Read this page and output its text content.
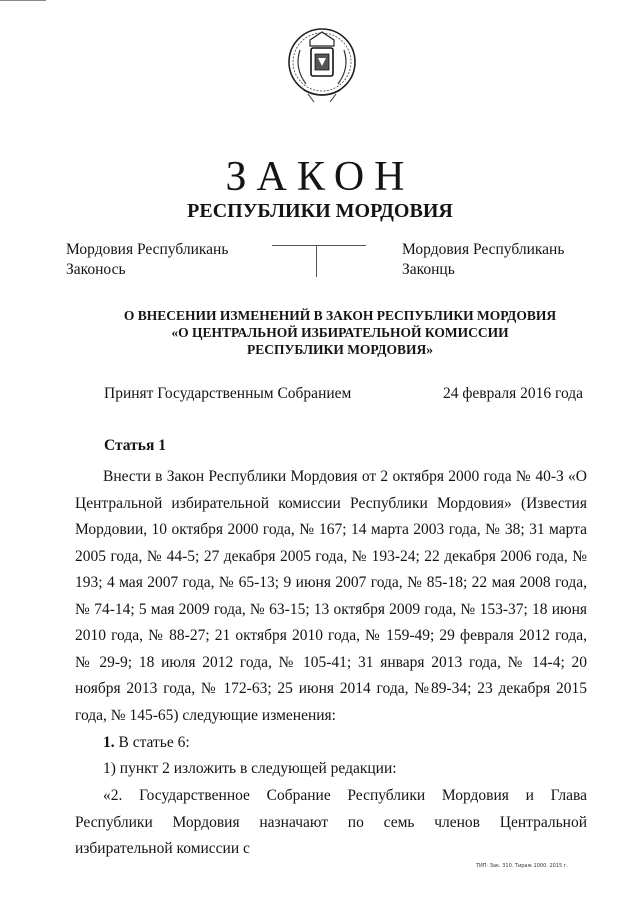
ЗАКОН
РЕСПУБЛИКИ МОРДОВИЯ
Мордовия Республикань
Законось
Мордовия Республикань
Законць
О ВНЕСЕНИИ ИЗМЕНЕНИЙ В ЗАКОН РЕСПУБЛИКИ МОРДОВИЯ
«О ЦЕНТРАЛЬНОЙ ИЗБИРАТЕЛЬНОЙ КОМИССИИ
РЕСПУБЛИКИ МОРДОВИЯ»
Принят Государственным Собранием	24 февраля 2016 года
Статья 1
Внести в Закон Республики Мордовия от 2 октября 2000 года № 40-З «О Центральной избирательной комиссии Республики Мордовия» (Известия Мордовии, 10 октября 2000 года, № 167; 14 марта 2003 года, № 38; 31 марта 2005 года, № 44-5; 27 декабря 2005 года, № 193-24; 22 декабря 2006 года, № 193; 4 мая 2007 года, № 65-13; 9 июня 2007 года, № 85-18; 22 мая 2008 года, № 74-14; 5 мая 2009 года, № 63-15; 13 октября 2009 года, № 153-37; 18 июня 2010 года, № 88-27; 21 октября 2010 года, № 159-49; 29 февраля 2012 года, № 29-9; 18 июля 2012 года, № 105-41; 31 января 2013 года, № 14-4; 20 ноября 2013 года, № 172-63; 25 июня 2014 года, №89-34; 23 декабря 2015 года, № 145-65) следующие изменения:
1. В статье 6:
1) пункт 2 изложить в следующей редакции:
«2. Государственное Собрание Республики Мордовия и Глава Республики Мордовия назначают по семь членов Центральной избирательной комиссии с
ТИП· Зак. 310. Тираж 1000. 2015 г.
